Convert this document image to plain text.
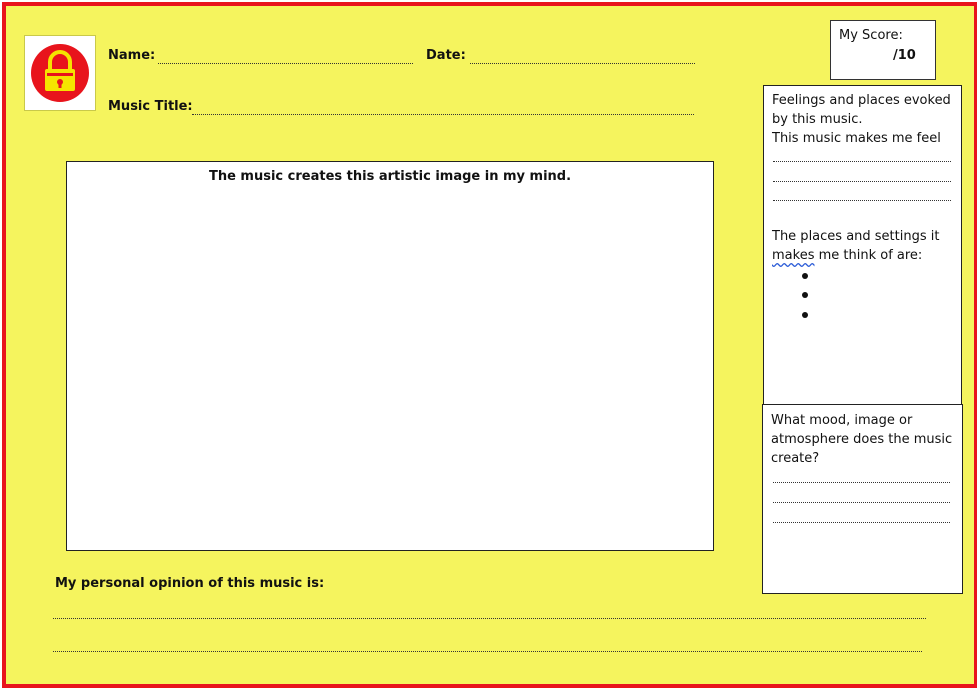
Name:	Date:
Music Title:
My Score:
/10
The music creates this artistic image in my mind.
Feelings and places evoked
by this music.
This music makes me feel
The places and settings it
makes me think of are:
What mood, image or
atmosphere does the music
create?
My personal opinion of this music is:
